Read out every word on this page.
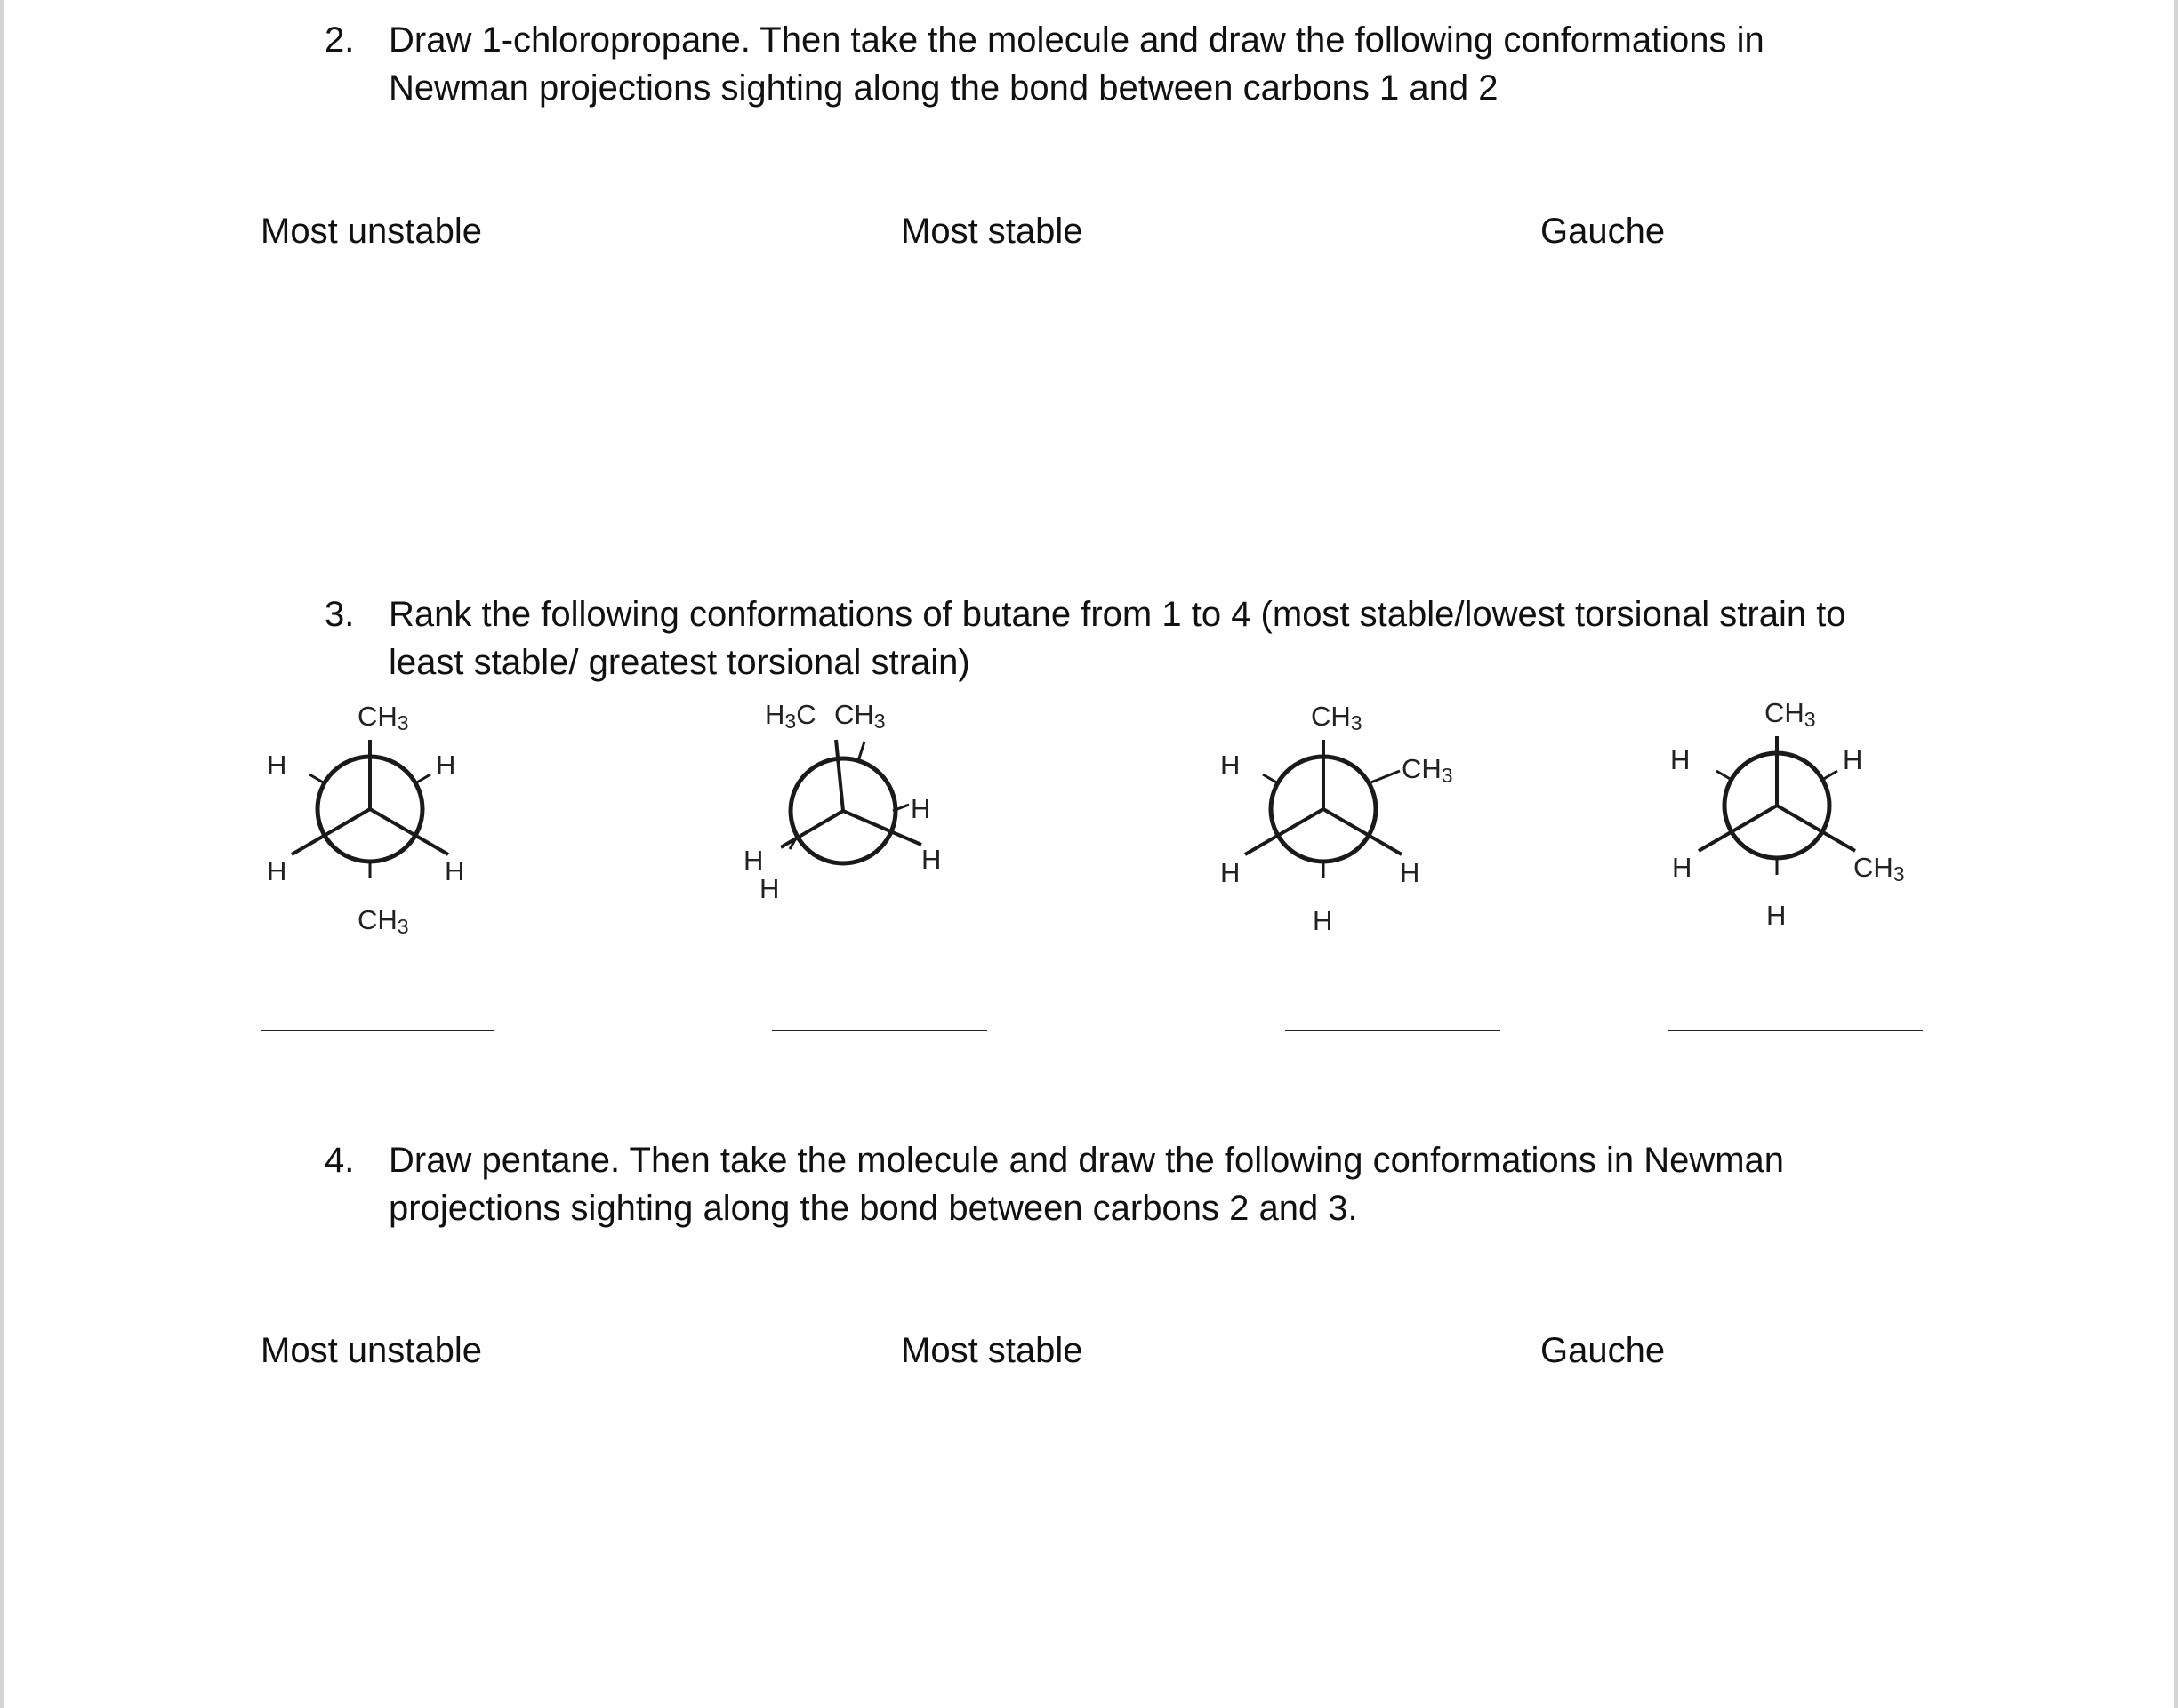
2. Draw 1-chloropropane. Then take the molecule and draw the following conformations in
Newman projections sighting along the bond between carbons 1 and 2
Most unstable	Most stable	Gauche
3. Rank the following conformations of butane from 1 to 4 (most stable/lowest torsional strain to
least stable/ greatest torsional strain)
CH3
H	H
H	H
CH3
H3C CH3
H
H
H
H
CH3
H	CH3
H	H
H
CH3
H	H
H	CH3
H
4. Draw pentane. Then take the molecule and draw the following conformations in Newman
projections sighting along the bond between carbons 2 and 3.
Most unstable	Most stable	Gauche
